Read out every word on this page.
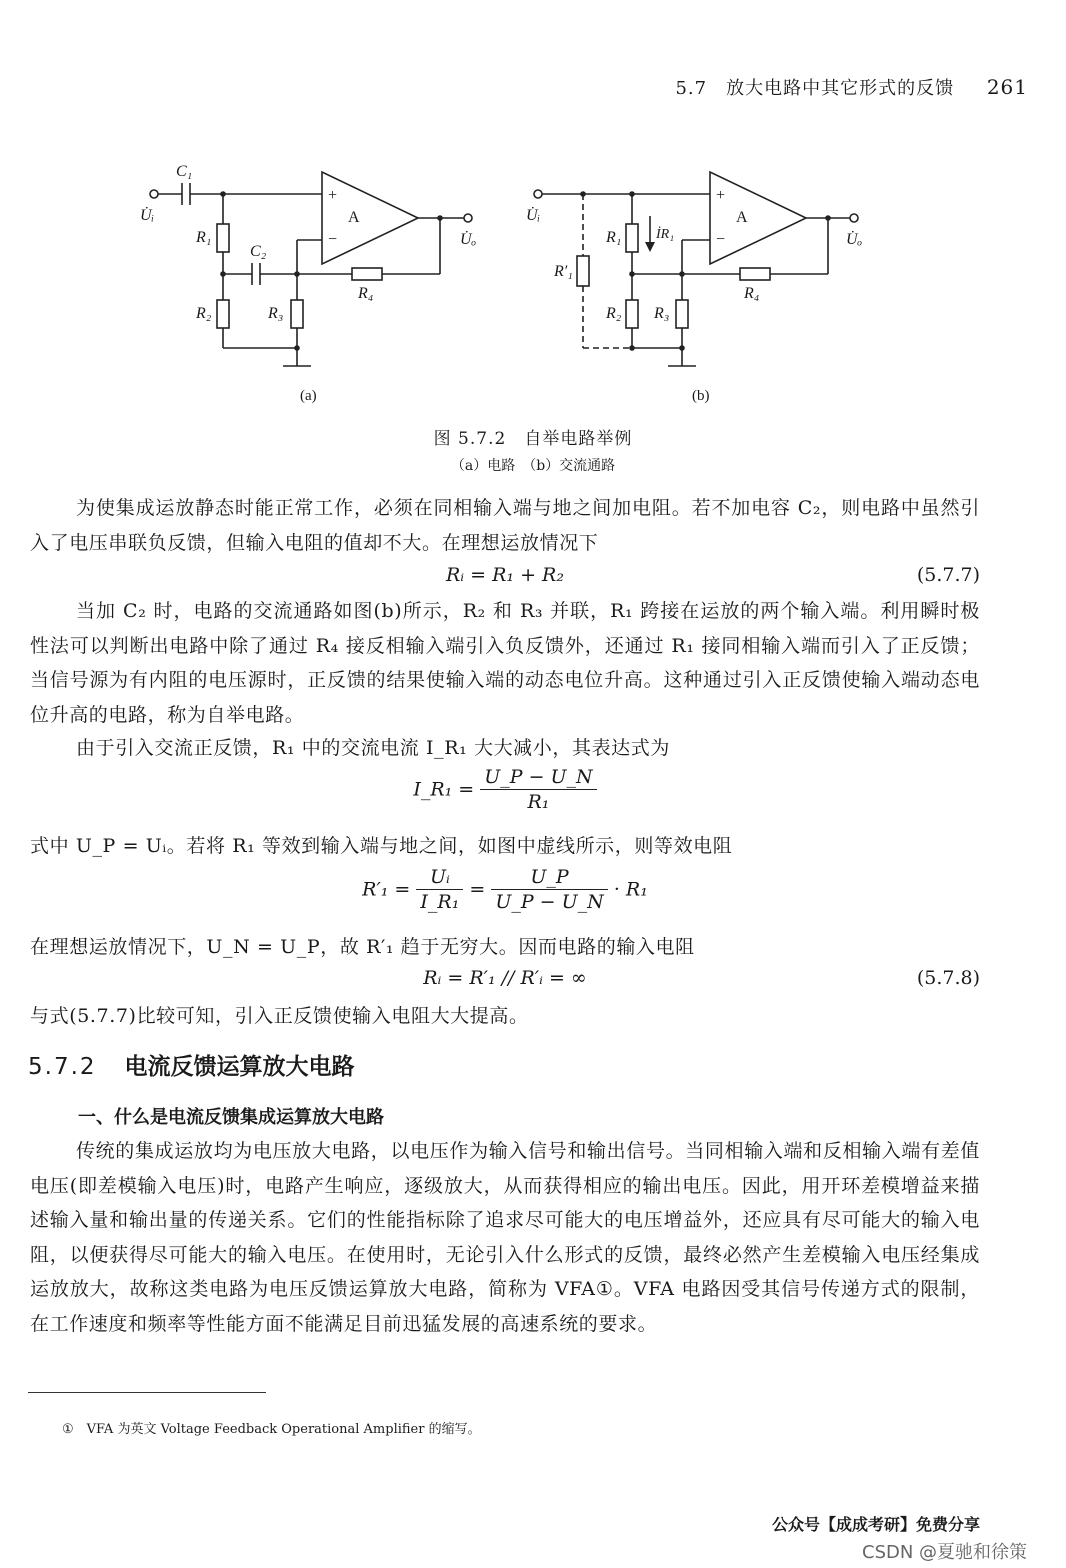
5.7　放大电路中其它形式的反馈 261
U̇ᵢ
U̇ₒ
A
+
−
C₁
C₂
R₁
R₂	R₃
R₄
(a)
U̇ᵢ
U̇ₒ
A
+
−
İR₁
R′₁
R₁
R₂ R₃
R₄
(b)
图 5.7.2　自举电路举例
（a）电路　（b）交流通路

为使集成运放静态时能正常工作，必须在同相输入端与地之间加电阻。若不加电容 C₂，则电路中虽然引入了电压串联负反馈，但输入电阻的值却不大。在理想运放情况下

Rᵢ = R₁ + R₂	(5.7.7)

当加 C₂ 时，电路的交流通路如图(b)所示，R₂ 和 R₃ 并联，R₁ 跨接在运放的两个输入端。利用瞬时极性法可以判断出电路中除了通过 R₄ 接反相输入端引入负反馈外，还通过 R₁ 接同相输入端而引入了正反馈；当信号源为有内阻的电压源时，正反馈的结果使输入端的动态电位升高。这种通过引入正反馈使输入端动态电位升高的电路，称为自举电路。

由于引入交流正反馈，R₁ 中的交流电流 I_R₁ 大大减小，其表达式为

I_R₁ = $\frac{U\_P - U\_N}{\text{R₁}}$

式中 U_P = Uᵢ。若将 R₁ 等效到输入端与地之间，如图中虚线所示，则等效电阻

$R'_1 = \frac{\text{Uᵢ}}{\text{I\_R₁}} = \frac{U\_P}{U\_P - U\_N} \cdot R_1$

在理想运放情况下，U_N = U_P，故 R′₁ 趋于无穷大。因而电路的输入电阻

Rᵢ = R′₁ // R′ᵢ = ∞	(5.7.8)

与式(5.7.7)比较可知，引入正反馈使输入电阻大大提高。

5.7.2 电流反馈运算放大电路
一、什么是电流反馈集成运算放大电路

传统的集成运放均为电压放大电路，以电压作为输入信号和输出信号。当同相输入端和反相输入端有差值电压(即差模输入电压)时，电路产生响应，逐级放大，从而获得相应的输出电压。因此，用开环差模增益来描述输入量和输出量的传递关系。它们的性能指标除了追求尽可能大的电压增益外，还应具有尽可能大的输入电阻，以便获得尽可能大的输入电压。在使用时，无论引入什么形式的反馈，最终必然产生差模输入电压经集成运放放大，故称这类电路为电压反馈运算放大电路，简称为 VFA①。VFA 电路因受其信号传递方式的限制，在工作速度和频率等性能方面不能满足目前迅猛发展的高速系统的要求。

①　VFA 为英文 Voltage Feedback Operational Amplifier 的缩写。
公众号【成成考研】免费分享
CSDN @夏驰和徐策
